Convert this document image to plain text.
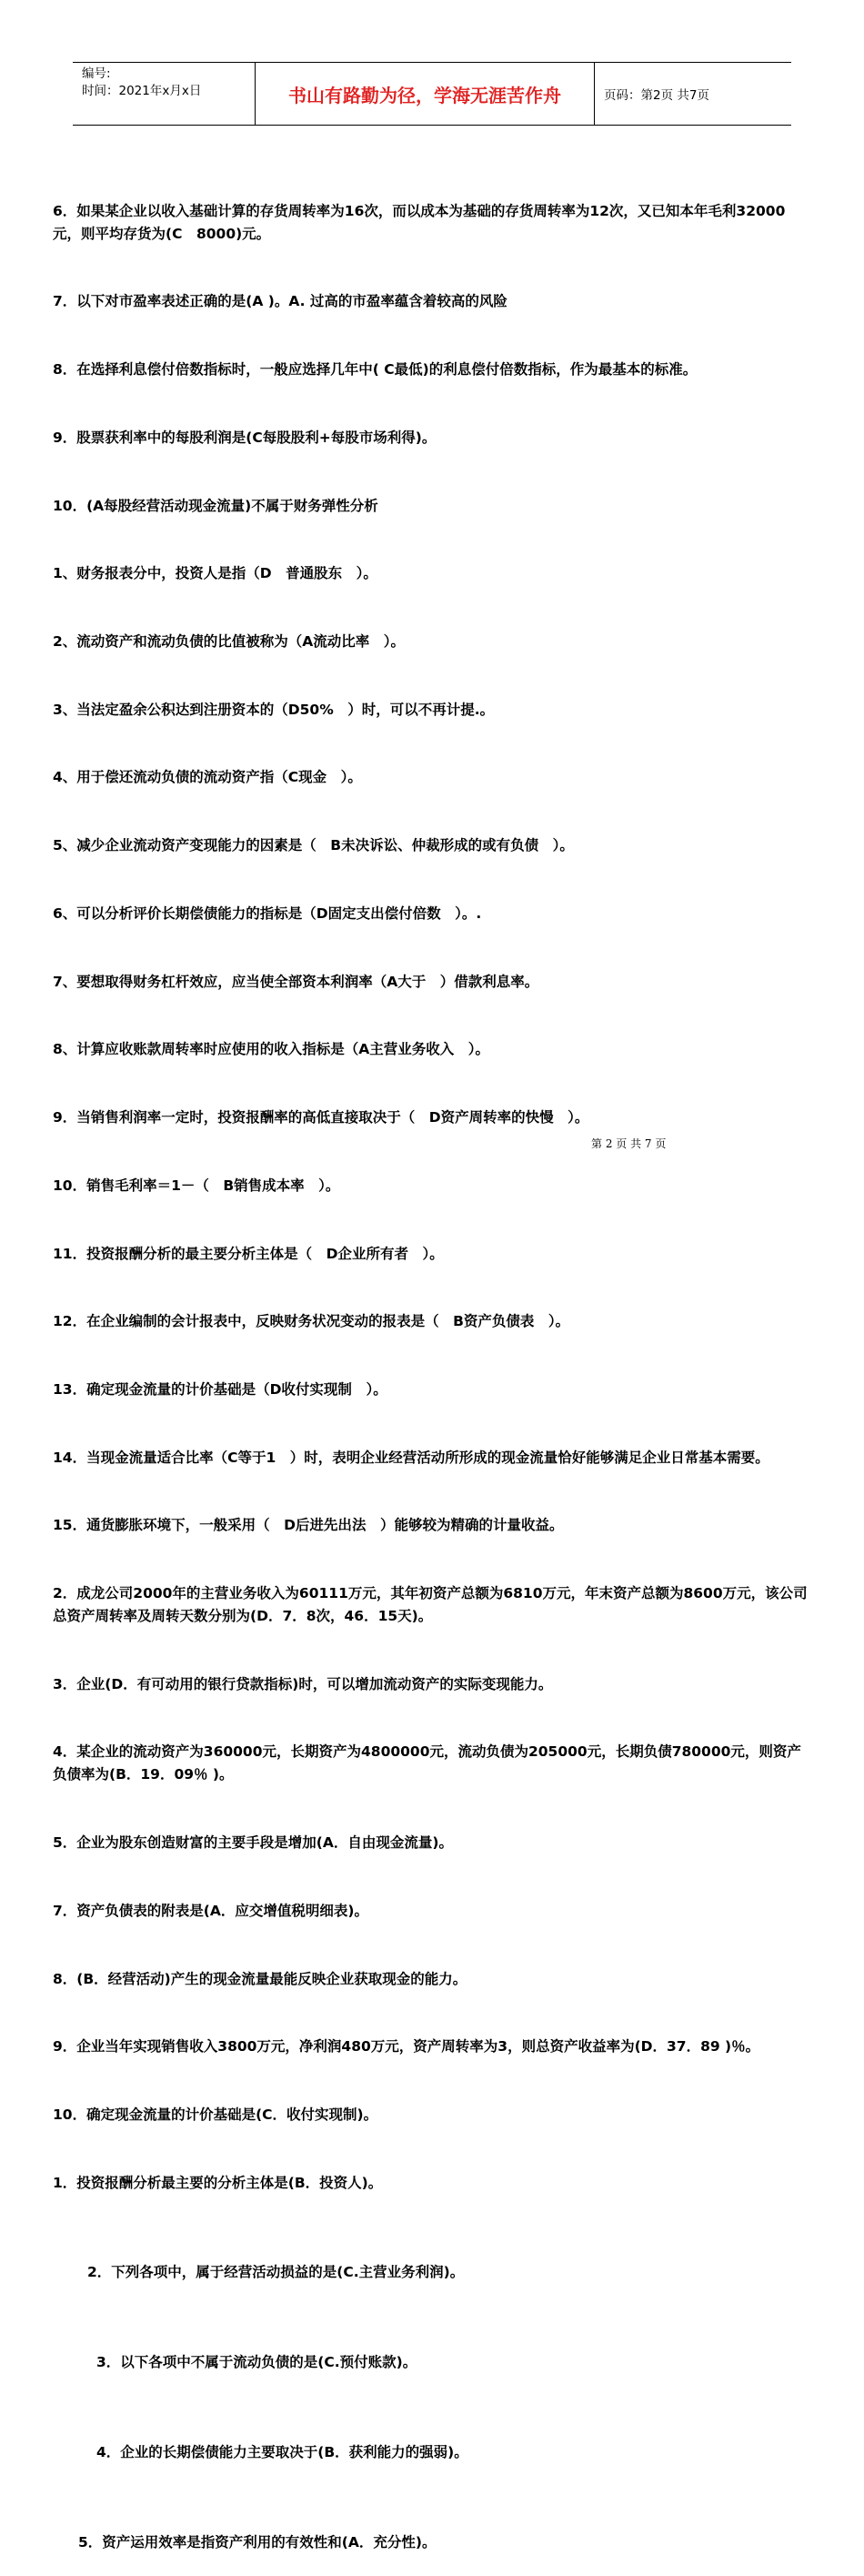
编号:
时间：2021年x月x日	书山有路勤为径，学海无涯苦作舟	页码：第2页 共7页

6．如果某企业以收入基础计算的存货周转率为16次，而以成本为基础的存货周转率为12次，又已知本年毛利32000元，则平均存货为(C　8000)元。

7．以下对市盈率表述正确的是(A )。A. 过高的市盈率蕴含着较高的风险

8．在选择利息偿付倍数指标时，一般应选择几年中( C最低)的利息偿付倍数指标，作为最基本的标准。

9．股票获利率中的每股利润是(C每股股利+每股市场利得)。

10．(A每股经营活动现金流量)不属于财务弹性分析

1、财务报表分中，投资人是指（D　普通股东　）。

2、流动资产和流动负债的比值被称为（A流动比率　）。

3、当法定盈余公积达到注册资本的（D50%　）时，可以不再计提.。

4、用于偿还流动负债的流动资产指（C现金　）。

5、减少企业流动资产变现能力的因素是（　B未决诉讼、仲裁形成的或有负债　）。

6、可以分析评价长期偿债能力的指标是（D固定支出偿付倍数　）。.

7、要想取得财务杠杆效应，应当使全部资本利润率（A大于　）借款利息率。

8、计算应收账款周转率时应使用的收入指标是（A主营业务收入　）。

9．当销售利润率一定时，投资报酬率的高低直接取决于（　D资产周转率的快慢　）。

10．销售毛利率＝1－（　B销售成本率　）。

11．投资报酬分析的最主要分析主体是（　D企业所有者　）。

12．在企业编制的会计报表中，反映财务状况变动的报表是（　B资产负债表　）。

13．确定现金流量的计价基础是（D收付实现制　）。

14．当现金流量适合比率（C等于1　）时，表明企业经营活动所形成的现金流量恰好能够满足企业日常基本需要。

15．通货膨胀环境下，一般采用（　D后进先出法　）能够较为精确的计量收益。

2．成龙公司2000年的主营业务收入为60111万元，其年初资产总额为6810万元，年末资产总额为8600万元，该公司总资产周转率及周转天数分别为(D．7．8次，46．15天)。

3．企业(D．有可动用的银行贷款指标)时，可以增加流动资产的实际变现能力。

4．某企业的流动资产为360000元，长期资产为4800000元，流动负债为205000元，长期负债780000元，则资产负债率为(B．19．09％ )。

5．企业为股东创造财富的主要手段是增加(A．自由现金流量)。

7．资产负债表的附表是(A．应交增值税明细表)。

8．(B．经营活动)产生的现金流量最能反映企业获取现金的能力。

9．企业当年实现销售收入3800万元，净利润480万元，资产周转率为3，则总资产收益率为(D．37．89 )％。

10．确定现金流量的计价基础是(C．收付实现制)。

1．投资报酬分析最主要的分析主体是(B．投资人)。

2．下列各项中，属于经营活动损益的是(C.主营业务利润)。

3．以下各项中不属于流动负债的是(C.预付账款)。

4．企业的长期偿债能力主要取决于(B．获利能力的强弱)。

5．资产运用效率是指资产利用的有效性和(A．充分性)。

第 2 页 共 7 页
